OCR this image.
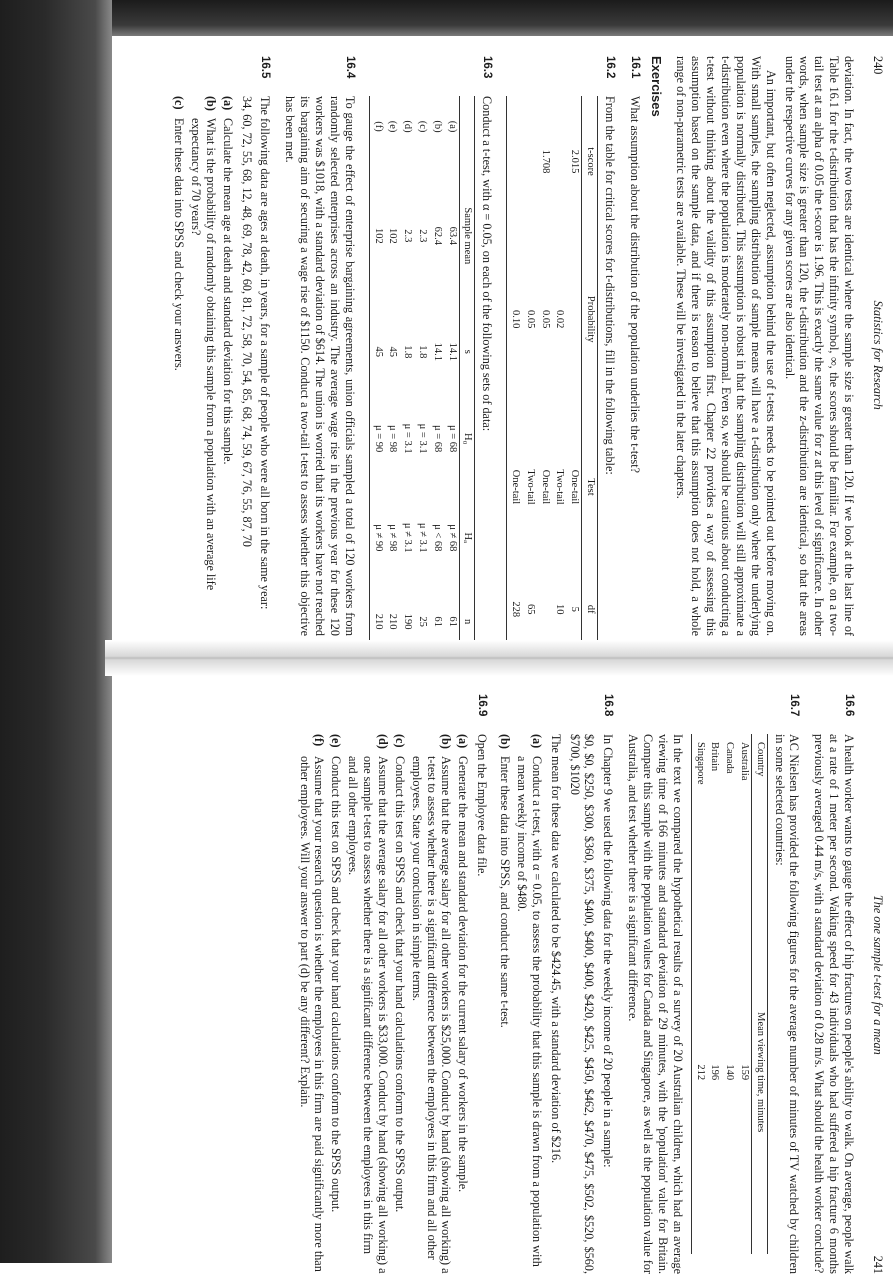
240
Statistics for Research

deviation. In fact, the two tests are identical where the sample size is greater than 120. If we look at the last line of Table 16.1 for the t-distribution that has the infinity symbol, ∞, the scores should be familiar. For example, on a two-tail test at an alpha of 0.05 the t-score is 1.96. This is exactly the same value for z at this level of significance. In other words, when sample size is greater than 120, the t-distribution and the z-distribution are identical, so that the areas under the respective curves for any given scores are also identical.

An important, but often neglected, assumption behind the use of t-tests needs to be pointed out before moving on. With small samples, the sampling distribution of sample means will have a t-distribution only where the underlying population is normally distributed. This assumption is robust in that the sampling distribution will still approximate a t-distribution even where the population is moderately non-normal. Even so, we should be cautious about conducting a t-test without thinking about the validity of this assumption first. Chapter 22 provides a way of assessing this assumption based on the sample data, and if there is reason to believe that this assumption does not hold, a whole range of non-parametric tests are available. These will be investigated in the later chapters.

Exercises
16.1

What assumption about the distribution of the population underlies the t-test?

16.2

From the table for critical scores for t-distributions, fill in the following table:

t-score	Probability	Test	df
2.015		One-tail	5
	0.02	Two-tail	10
1.708	0.05	One-tail	
	0.05	Two-tail	65
	0.10	One-tail	228
16.3

Conduct a t-test, with α = 0.05, on each of the following sets of data:

	Sample mean	s	H₀	Hₐ	n
(a)	63.4	14.1	μ = 68	μ ≠ 68	61
(b)	62.4	14.1	μ = 68	μ < 68	61
(c)	2.3	1.8	μ = 3.1	μ ≠ 3.1	25
(d)	2.3	1.8	μ = 3.1	μ ≠ 3.1	190
(e)	102	45	μ = 98	μ ≠ 98	210
(f)	102	45	μ = 90	μ ≠ 90	210
16.4

To gauge the effect of enterprise bargaining agreements, union officials sampled a total of 120 workers from randomly selected enterprises across an industry. The average wage rise in the previous year for these 120 workers was $1018, with a standard deviation of $614. The union is worried that its workers have not reached its bargaining aim of securing a wage rise of $1150. Conduct a two-tail t-test to assess whether this objective has been met.

16.5

The following data are ages at death, in years, for a sample of people who were all born in the same year:

34, 60, 72, 55, 68, 12, 48, 69, 78, 42, 60, 81, 72, 58, 70, 54, 85, 68, 74, 59, 67, 76, 55, 87, 70

(a)
Calculate the mean age at death and standard deviation for this sample.
(b)
What is the probability of randomly obtaining this sample from a population with an average life expectancy of 70 years?
(c)
Enter these data into SPSS and check your answers.
The one sample t-test for a mean
241
16.6

A health worker wants to gauge the effect of hip fractures on people's ability to walk. On average, people walk at a rate of 1 meter per second. Walking speed for 43 individuals who had suffered a hip fracture 6 months previously averaged 0.44 m/s, with a standard deviation of 0.28 m/s. What should the health worker conclude?

16.7

AC Nielsen has provided the following figures for the average number of minutes of TV watched by children in some selected countries:

Country	Mean viewing time, minutes
Australia	159
Canada	140
Britain	196
Singapore	212

In the text we compared the hypothetical results of a survey of 20 Australian children, which had an average viewing time of 166 minutes and standard deviation of 29 minutes, with the 'population' value for Britain. Compare this sample with the population values for Canada and Singapore, as well as the population value for Australia, and test whether there is a significant difference.

16.8

In Chapter 9 we used the following data for the weekly income of 20 people in a sample:

$0, $0, $250, $300, $360, $375, $400, $400, $400, $420, $425, $450, $462, $470, $475, $502, $520, $560, $700, $1020

The mean for these data we calculated to be $424.45, with a standard deviation of $216.

(a)
Conduct a t-test, with α = 0.05, to assess the probability that this sample is drawn from a population with a mean weekly income of $480.
(b)
Enter these data into SPSS, and conduct the same t-test.
16.9

Open the Employee data file.

(a)
Generate the mean and standard deviation for the current salary of workers in the sample.
(b)
Assume that the average salary for all other workers is $25,000. Conduct by hand (showing all working) a t-test to assess whether there is a significant difference between the employees in this firm and all other employees. State your conclusion in simple terms.
(c)
Conduct this test on SPSS and check that your hand calculations conform to the SPSS output.
(d)
Assume that the average salary for all other workers is $33,000. Conduct by hand (showing all working) a one sample t-test to assess whether there is a significant difference between the employees in this firm and all other employees.
(e)
Conduct this test on SPSS and check that your hand calculations conform to the SPSS output.
(f)
Assume that your research question is whether the employees in this firm are paid significantly more than other employees. Will your answer to part (d) be any different? Explain.
